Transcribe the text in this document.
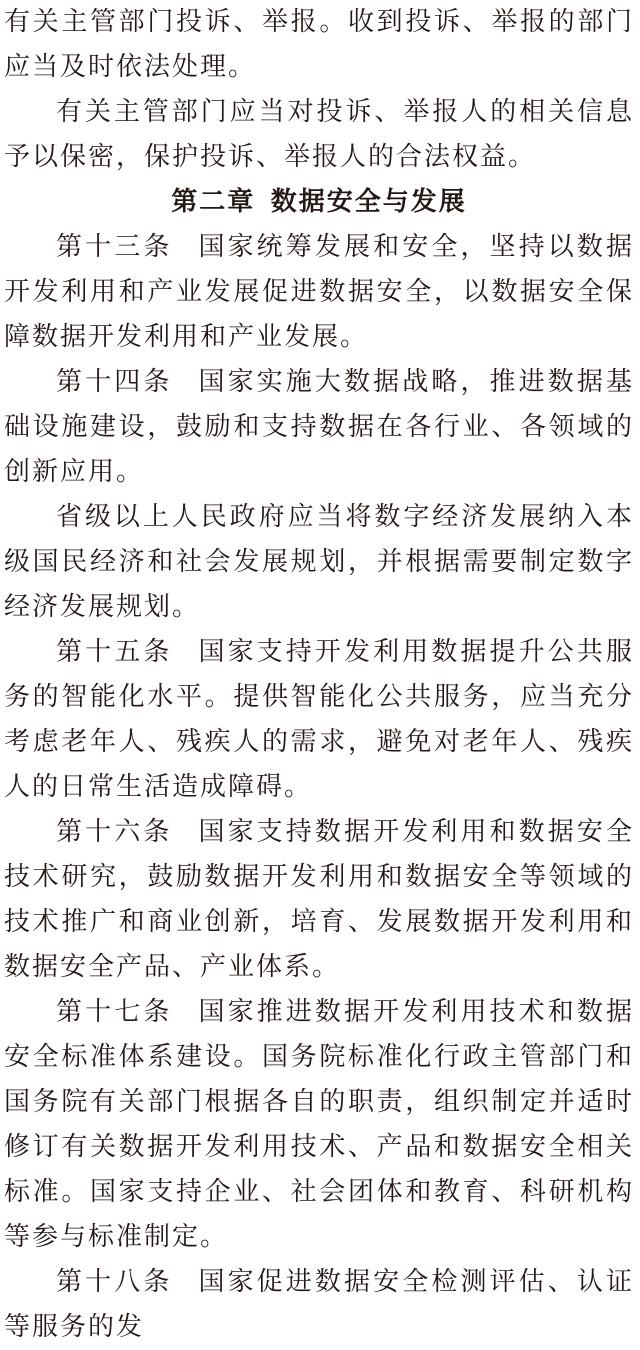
有关主管部门投诉、举报。收到投诉、举报的部门应当及时依法处理。

有关主管部门应当对投诉、举报人的相关信息予以保密，保护投诉、举报人的合法权益。

第二章 数据安全与发展

第十三条 国家统筹发展和安全，坚持以数据开发利用和产业发展促进数据安全，以数据安全保障数据开发利用和产业发展。

第十四条 国家实施大数据战略，推进数据基础设施建设，鼓励和支持数据在各行业、各领域的创新应用。

省级以上人民政府应当将数字经济发展纳入本级国民经济和社会发展规划，并根据需要制定数字经济发展规划。

第十五条 国家支持开发利用数据提升公共服务的智能化水平。提供智能化公共服务，应当充分考虑老年人、残疾人的需求，避免对老年人、残疾人的日常生活造成障碍。

第十六条 国家支持数据开发利用和数据安全技术研究，鼓励数据开发利用和数据安全等领域的技术推广和商业创新，培育、发展数据开发利用和数据安全产品、产业体系。

第十七条 国家推进数据开发利用技术和数据安全标准体系建设。国务院标准化行政主管部门和国务院有关部门根据各自的职责，组织制定并适时修订有关数据开发利用技术、产品和数据安全相关标准。国家支持企业、社会团体和教育、科研机构等参与标准制定。

第十八条 国家促进数据安全检测评估、认证等服务的发
